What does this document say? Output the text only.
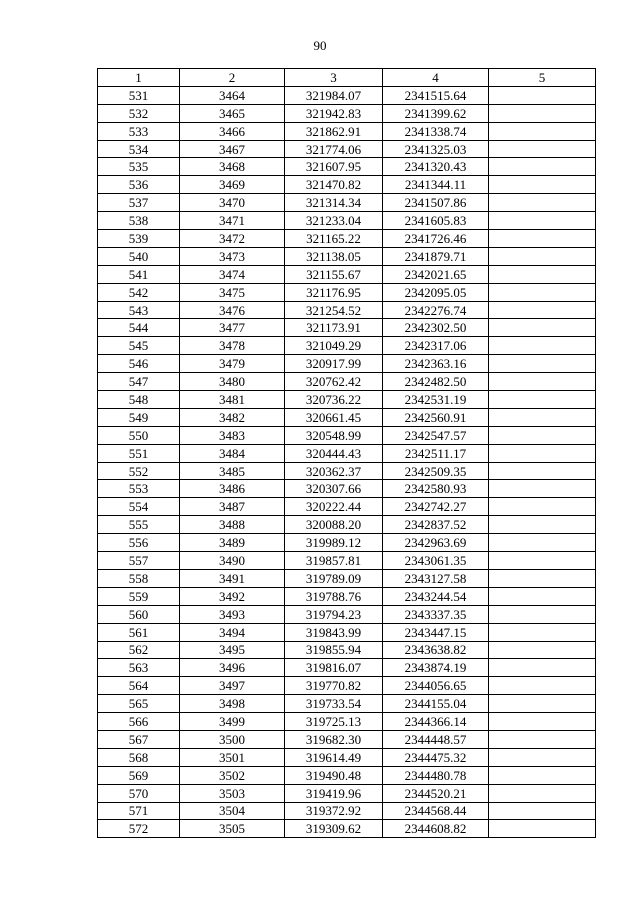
90
1	2	3	4	5
531	3464	321984.07	2341515.64	
532	3465	321942.83	2341399.62	
533	3466	321862.91	2341338.74	
534	3467	321774.06	2341325.03	
535	3468	321607.95	2341320.43	
536	3469	321470.82	2341344.11	
537	3470	321314.34	2341507.86	
538	3471	321233.04	2341605.83	
539	3472	321165.22	2341726.46	
540	3473	321138.05	2341879.71	
541	3474	321155.67	2342021.65	
542	3475	321176.95	2342095.05	
543	3476	321254.52	2342276.74	
544	3477	321173.91	2342302.50	
545	3478	321049.29	2342317.06	
546	3479	320917.99	2342363.16	
547	3480	320762.42	2342482.50	
548	3481	320736.22	2342531.19	
549	3482	320661.45	2342560.91	
550	3483	320548.99	2342547.57	
551	3484	320444.43	2342511.17	
552	3485	320362.37	2342509.35	
553	3486	320307.66	2342580.93	
554	3487	320222.44	2342742.27	
555	3488	320088.20	2342837.52	
556	3489	319989.12	2342963.69	
557	3490	319857.81	2343061.35	
558	3491	319789.09	2343127.58	
559	3492	319788.76	2343244.54	
560	3493	319794.23	2343337.35	
561	3494	319843.99	2343447.15	
562	3495	319855.94	2343638.82	
563	3496	319816.07	2343874.19	
564	3497	319770.82	2344056.65	
565	3498	319733.54	2344155.04	
566	3499	319725.13	2344366.14	
567	3500	319682.30	2344448.57	
568	3501	319614.49	2344475.32	
569	3502	319490.48	2344480.78	
570	3503	319419.96	2344520.21	
571	3504	319372.92	2344568.44	
572	3505	319309.62	2344608.82	
